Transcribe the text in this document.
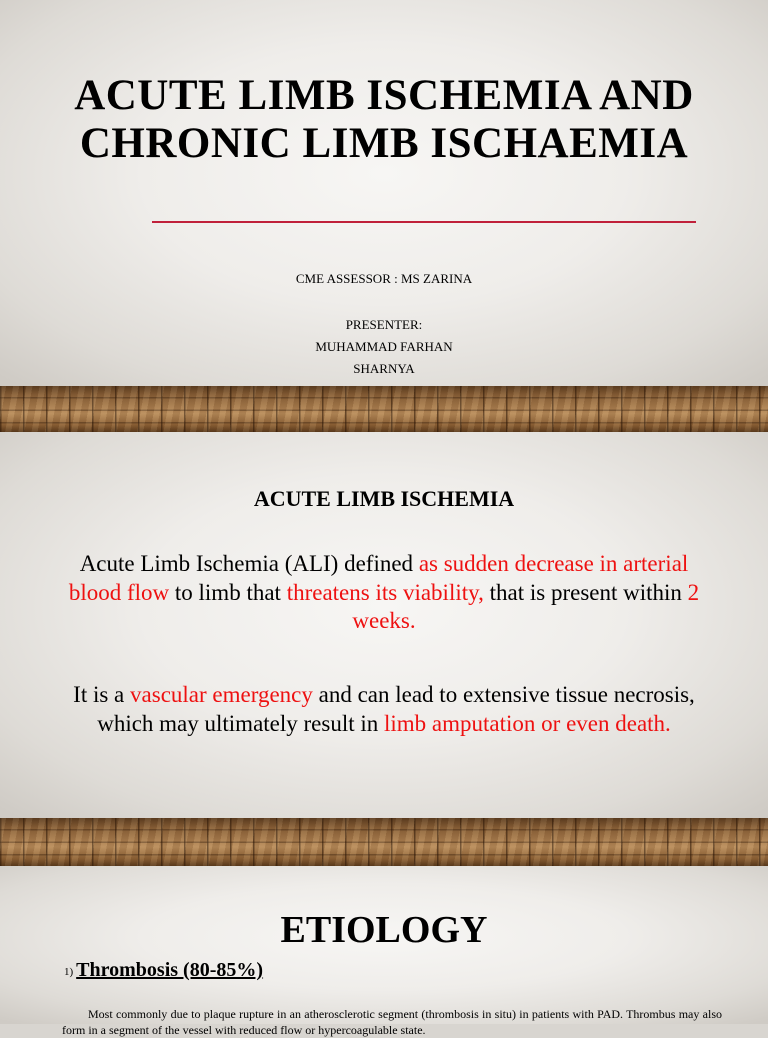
ACUTE LIMB ISCHEMIA AND CHRONIC LIMB ISCHAEMIA
CME ASSESSOR : MS ZARINA
PRESENTER:
MUHAMMAD FARHAN
SHARNYA
ACUTE LIMB ISCHEMIA
Acute Limb Ischemia (ALI) defined as sudden decrease in arterial blood flow to limb that threatens its viability, that is present within 2 weeks.
It is a vascular emergency and can lead to extensive tissue necrosis, which may ultimately result in limb amputation or even death.
ETIOLOGY
1) Thrombosis (80-85%)
Most commonly due to plaque rupture in an atherosclerotic segment (thrombosis in situ) in patients with PAD. Thrombus may also form in a segment of the vessel with reduced flow or hypercoagulable state.
